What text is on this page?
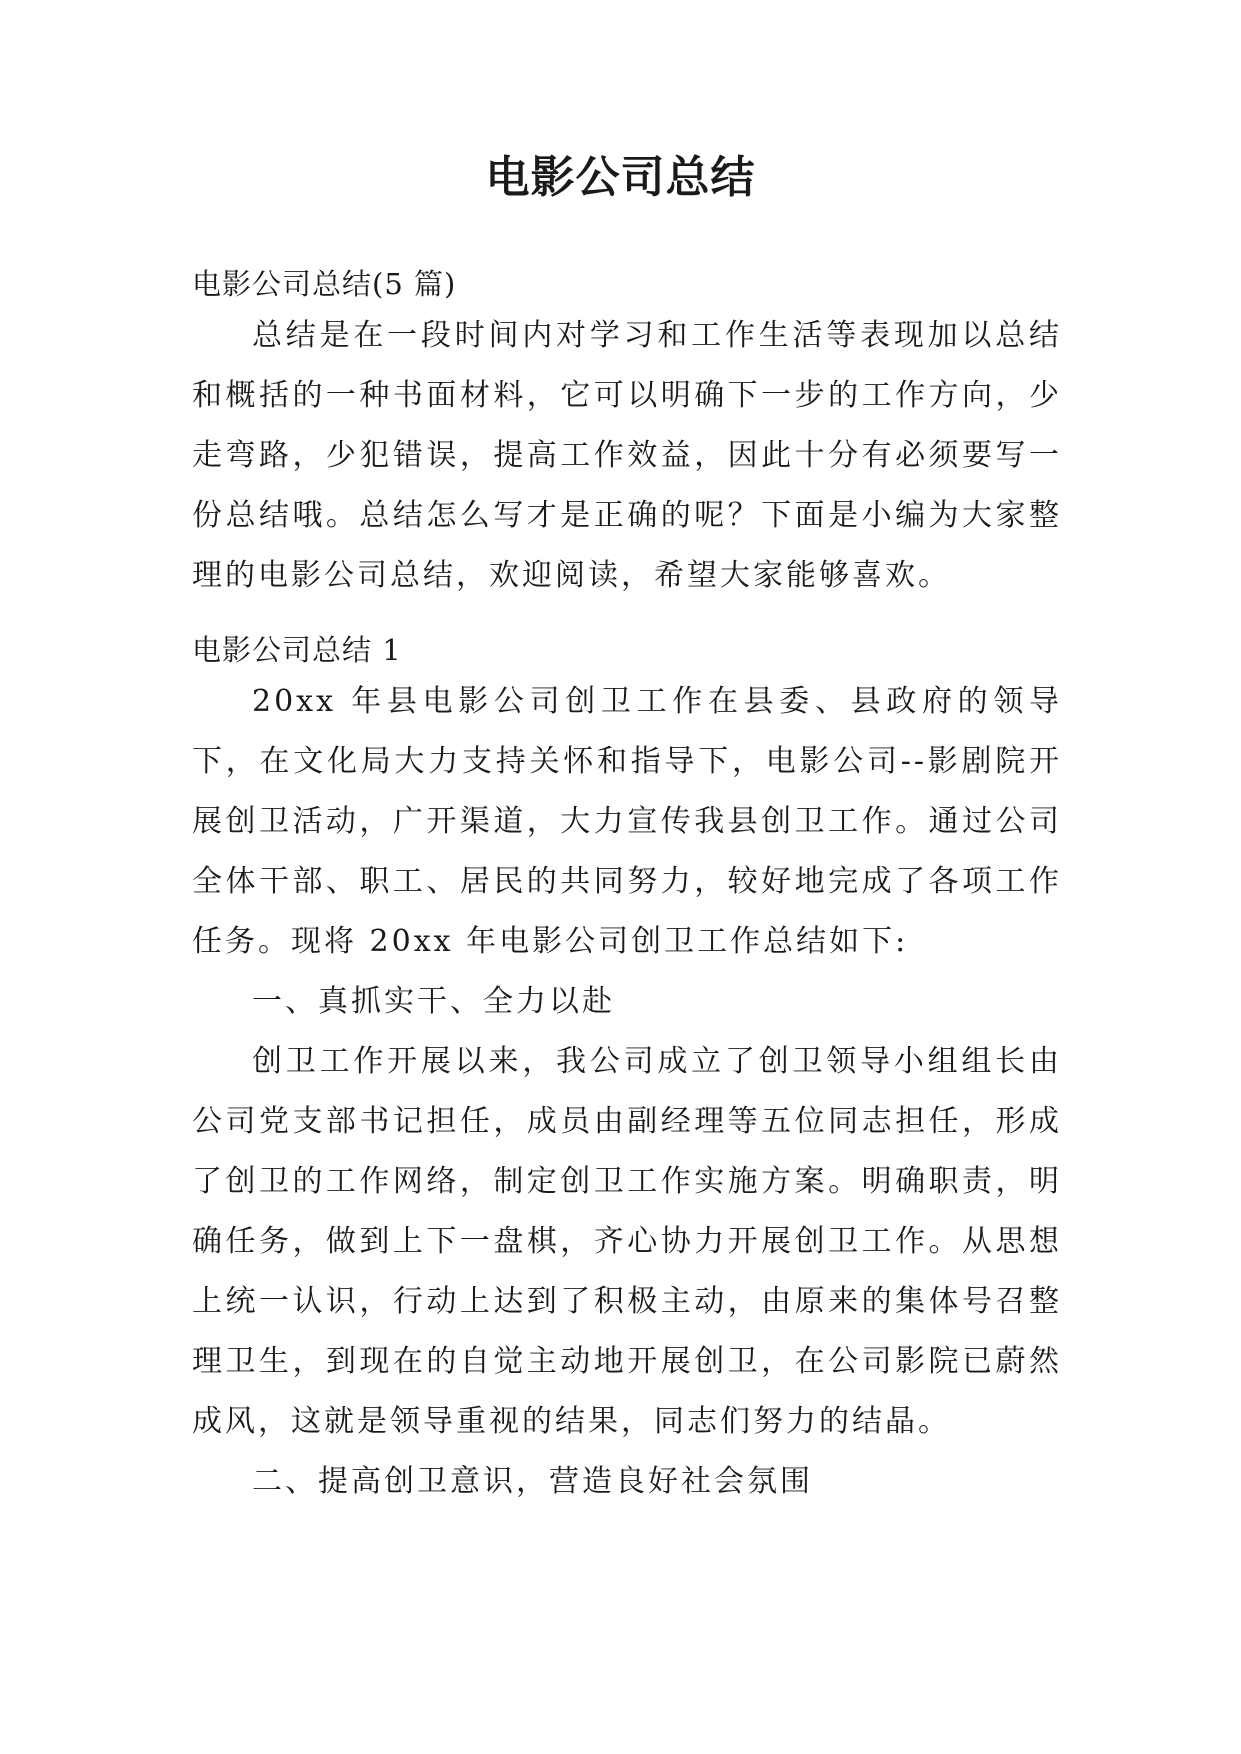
电影公司总结
电影公司总结(5 篇)

总结是在一段时间内对学习和工作生活等表现加以总结和概括的一种书面材料，它可以明确下一步的工作方向，少走弯路，少犯错误，提高工作效益，因此十分有必须要写一份总结哦。总结怎么写才是正确的呢？下面是小编为大家整理的电影公司总结，欢迎阅读，希望大家能够喜欢。

电影公司总结 1

20xx 年县电影公司创卫工作在县委、县政府的领导下，在文化局大力支持关怀和指导下，电影公司--影剧院开展创卫活动，广开渠道，大力宣传我县创卫工作。通过公司全体干部、职工、居民的共同努力，较好地完成了各项工作任务。现将 20xx 年电影公司创卫工作总结如下:

一、真抓实干、全力以赴

创卫工作开展以来，我公司成立了创卫领导小组组长由公司党支部书记担任，成员由副经理等五位同志担任，形成了创卫的工作网络，制定创卫工作实施方案。明确职责，明确任务，做到上下一盘棋，齐心协力开展创卫工作。从思想上统一认识，行动上达到了积极主动，由原来的集体号召整理卫生，到现在的自觉主动地开展创卫，在公司影院已蔚然成风，这就是领导重视的结果，同志们努力的结晶。

二、提高创卫意识，营造良好社会氛围
